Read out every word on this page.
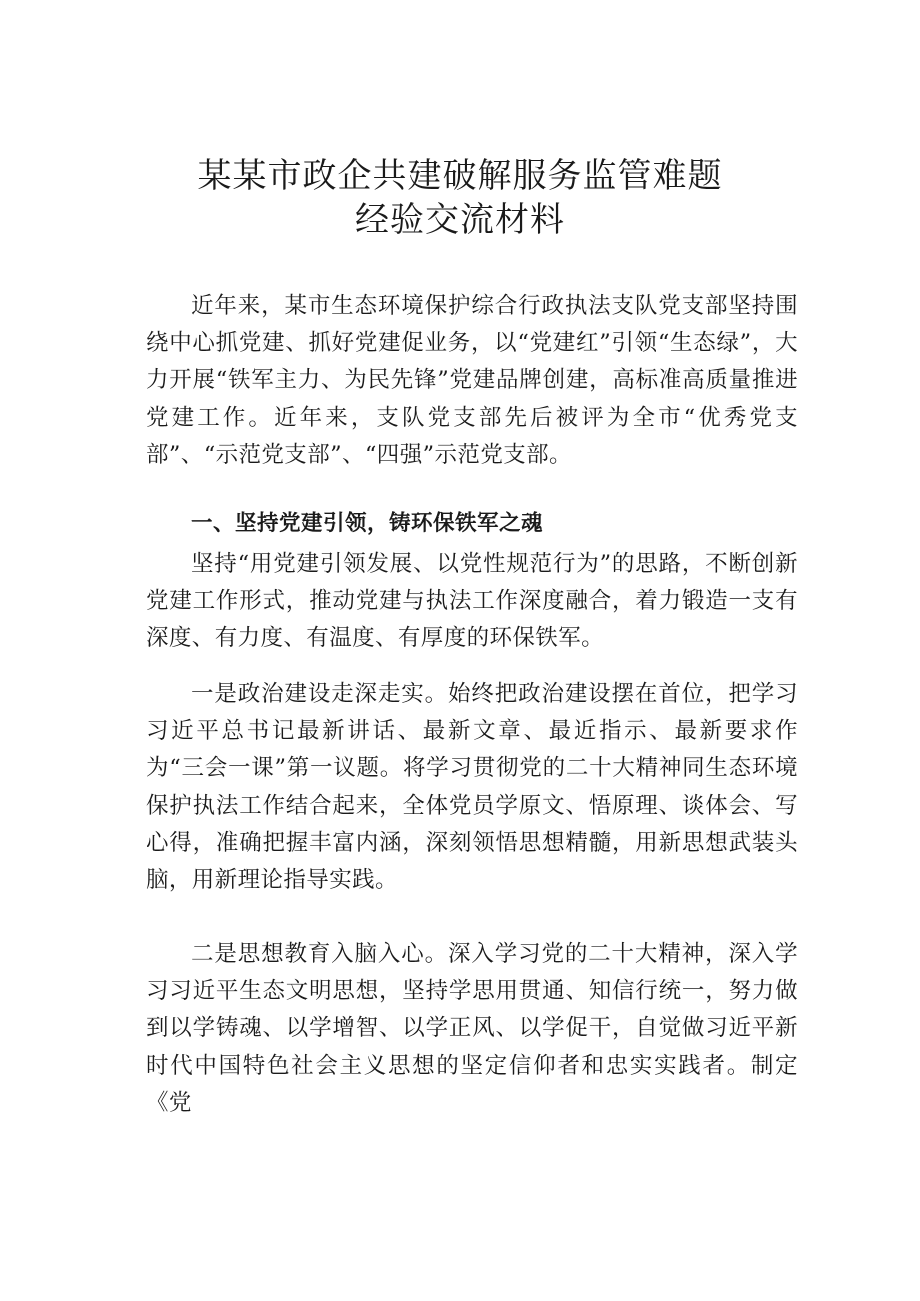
某某市政企共建破解服务监管难题
经验交流材料

近年来，某市生态环境保护综合行政执法支队党支部坚持围绕中心抓党建、抓好党建促业务，以“党建红”引领“生态绿”，大力开展“铁军主力、为民先锋”党建品牌创建，高标准高质量推进党建工作。近年来，支队党支部先后被评为全市“优秀党支部”、“示范党支部”、“四强”示范党支部。

一、坚持党建引领，铸环保铁军之魂

坚持“用党建引领发展、以党性规范行为”的思路，不断创新党建工作形式，推动党建与执法工作深度融合，着力锻造一支有深度、有力度、有温度、有厚度的环保铁军。

一是政治建设走深走实。始终把政治建设摆在首位，把学习习近平总书记最新讲话、最新文章、最近指示、最新要求作为“三会一课”第一议题。将学习贯彻党的二十大精神同生态环境保护执法工作结合起来，全体党员学原文、悟原理、谈体会、写心得，准确把握丰富内涵，深刻领悟思想精髓，用新思想武装头脑，用新理论指导实践。

二是思想教育入脑入心。深入学习党的二十大精神，深入学习习近平生态文明思想，坚持学思用贯通、知信行统一，努力做到以学铸魂、以学增智、以学正风、以学促干，自觉做习近平新时代中国特色社会主义思想的坚定信仰者和忠实实践者。制定《党
